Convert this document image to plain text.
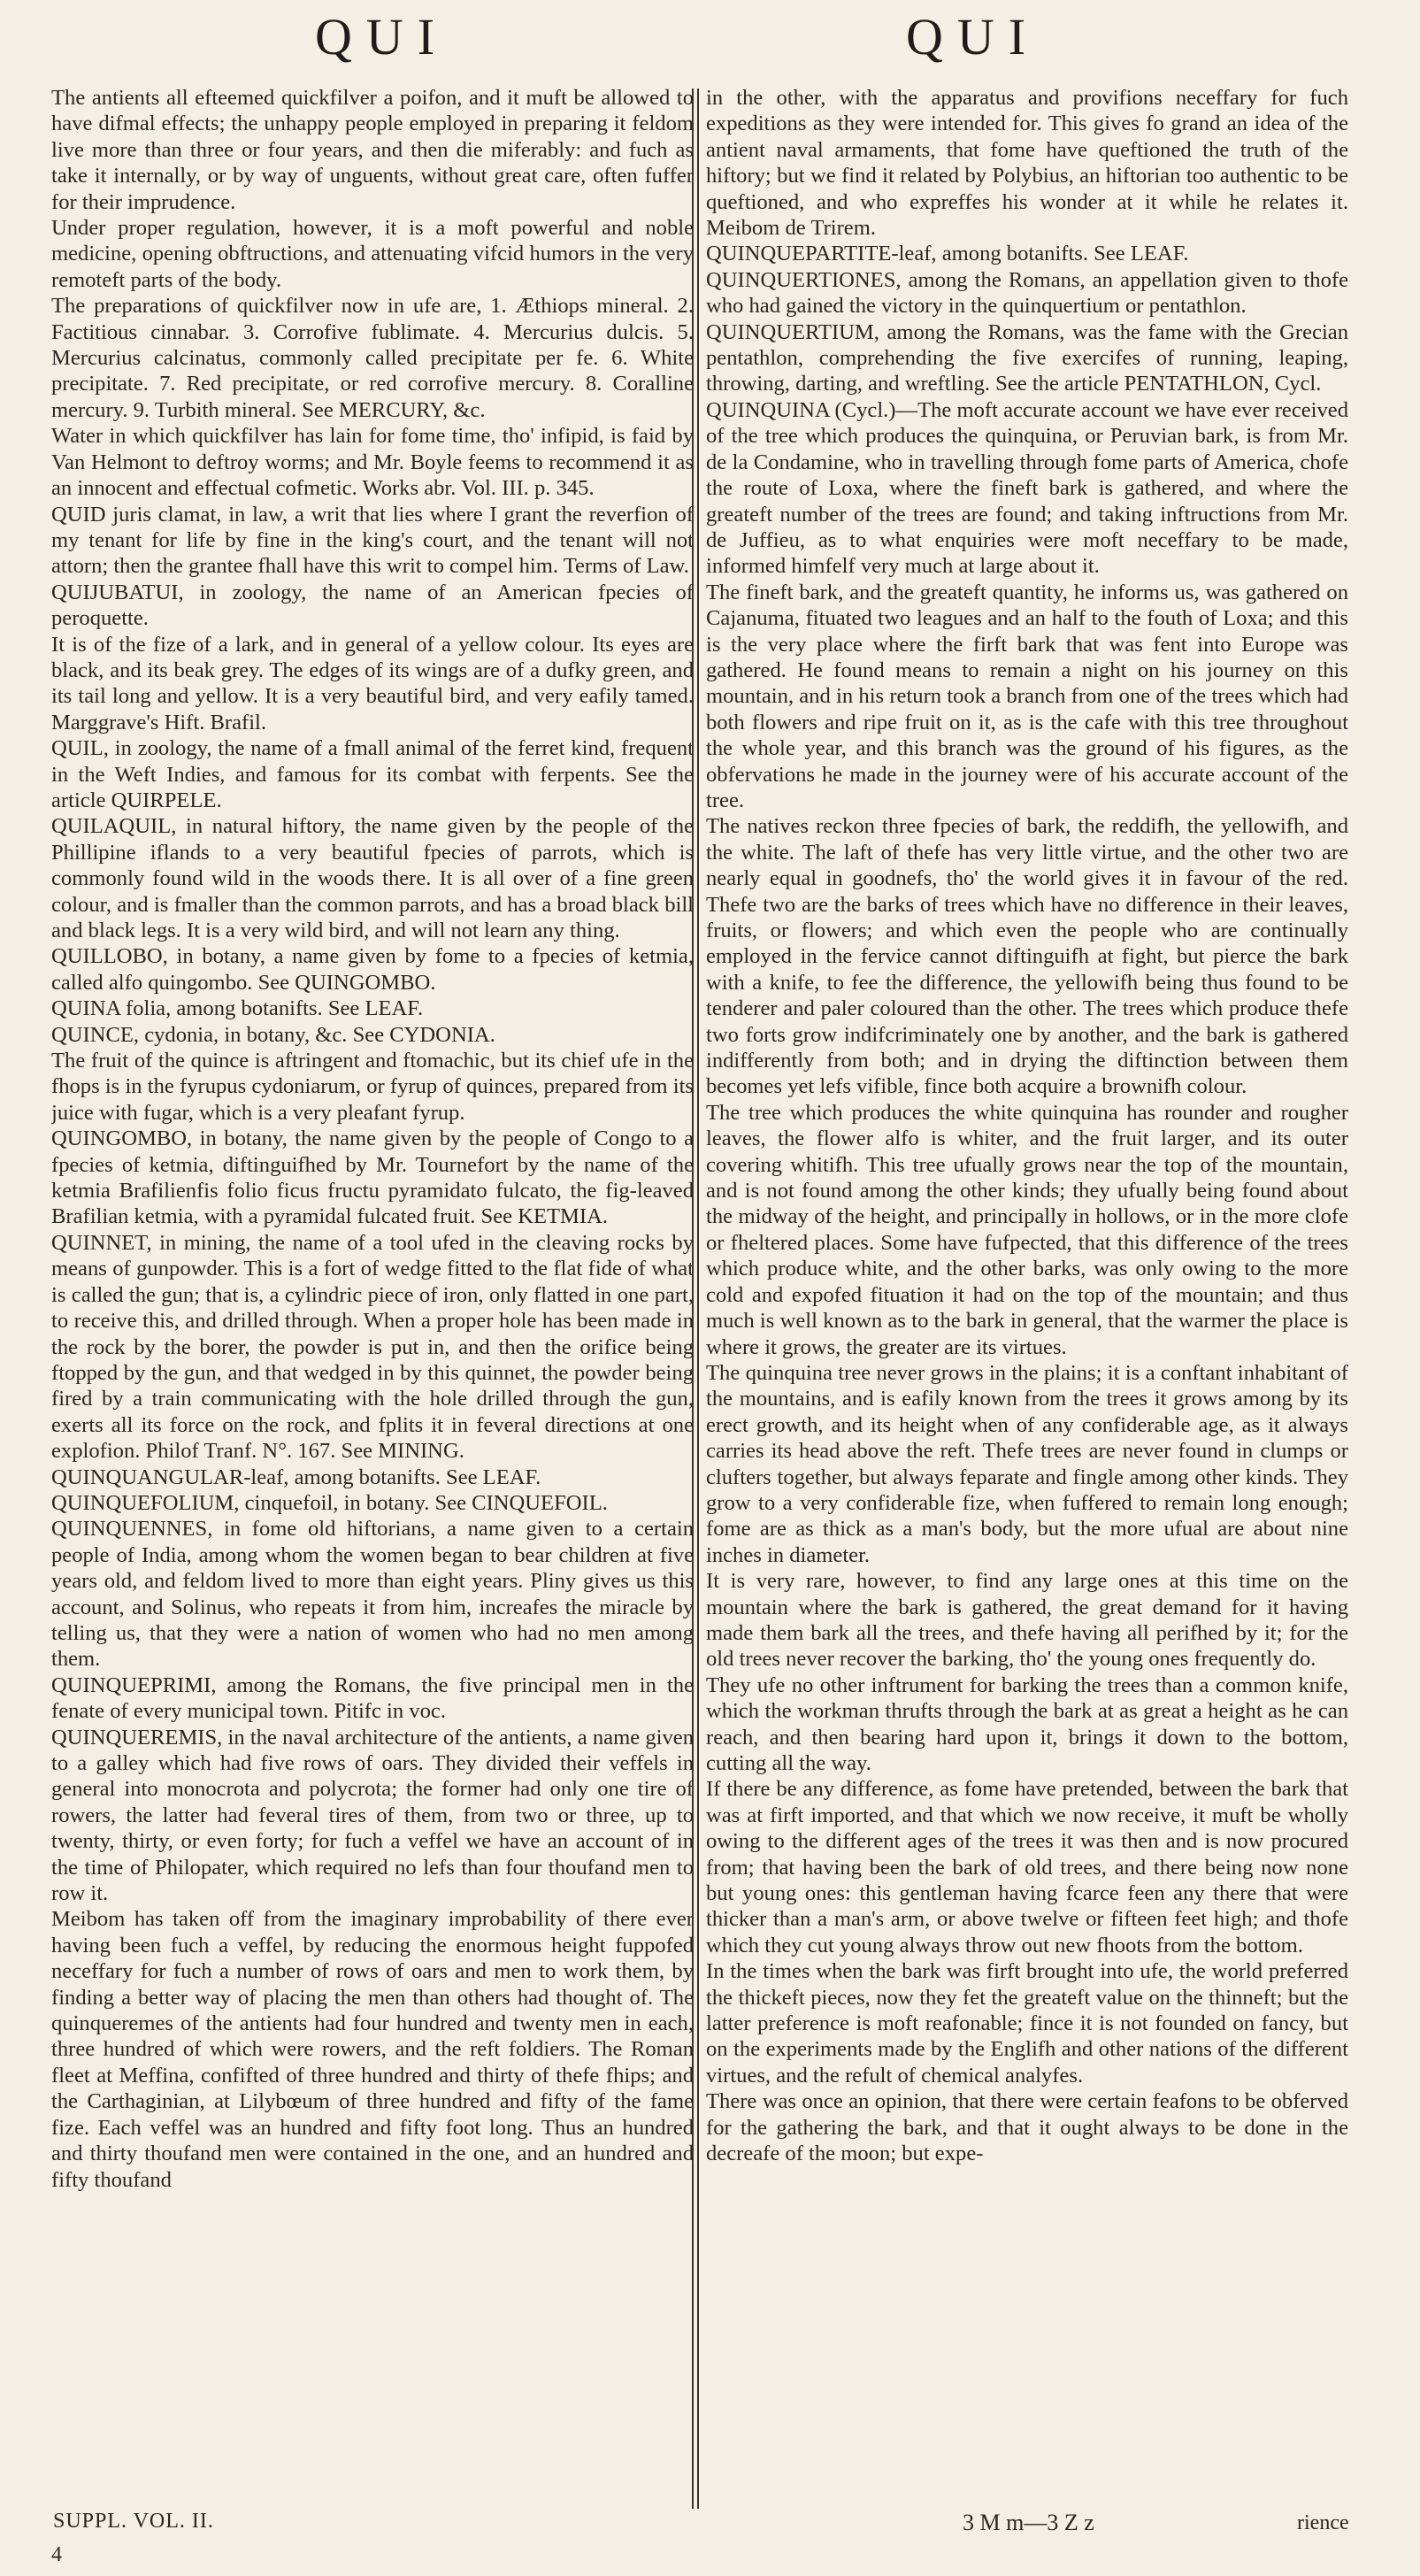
QUI	QUI

The antients all efteemed quickfilver a poifon, and it muft be allowed to have difmal effects; the unhappy people employed in preparing it feldom live more than three or four years, and then die miferably: and fuch as take it internally, or by way of unguents, without great care, often fuffer for their imprudence.

Under proper regulation, however, it is a moft powerful and noble medicine, opening obftructions, and attenuating vifcid humors in the very remoteft parts of the body.

The preparations of quickfilver now in ufe are, 1. Æthiops mineral. 2. Factitious cinnabar. 3. Corrofive fublimate. 4. Mercurius dulcis. 5. Mercurius calcinatus, commonly called precipitate per fe. 6. White precipitate. 7. Red precipitate, or red corrofive mercury. 8. Coralline mercury. 9. Turbith mineral. See MERCURY, &c.

Water in which quickfilver has lain for fome time, tho' infipid, is faid by Van Helmont to deftroy worms; and Mr. Boyle feems to recommend it as an innocent and effectual cofmetic. Works abr. Vol. III. p. 345.

QUID juris clamat, in law, a writ that lies where I grant the reverfion of my tenant for life by fine in the king's court, and the tenant will not attorn; then the grantee fhall have this writ to compel him. Terms of Law.

QUIJUBATUI, in zoology, the name of an American fpecies of peroquette.

It is of the fize of a lark, and in general of a yellow colour. Its eyes are black, and its beak grey. The edges of its wings are of a dufky green, and its tail long and yellow. It is a very beautiful bird, and very eafily tamed. Marggrave's Hift. Brafil.

QUIL, in zoology, the name of a fmall animal of the ferret kind, frequent in the Weft Indies, and famous for its combat with ferpents. See the article QUIRPELE.

QUILAQUIL, in natural hiftory, the name given by the people of the Phillipine iflands to a very beautiful fpecies of parrots, which is commonly found wild in the woods there. It is all over of a fine green colour, and is fmaller than the common parrots, and has a broad black bill and black legs. It is a very wild bird, and will not learn any thing.

QUILLOBO, in botany, a name given by fome to a fpecies of ketmia, called alfo quingombo. See QUINGOMBO.

QUINA folia, among botanifts. See LEAF.

QUINCE, cydonia, in botany, &c. See CYDONIA.

The fruit of the quince is aftringent and ftomachic, but its chief ufe in the fhops is in the fyrupus cydoniarum, or fyrup of quinces, prepared from its juice with fugar, which is a very pleafant fyrup.

QUINGOMBO, in botany, the name given by the people of Congo to a fpecies of ketmia, diftinguifhed by Mr. Tournefort by the name of the ketmia Brafilienfis folio ficus fructu pyramidato fulcato, the fig-leaved Brafilian ketmia, with a pyramidal fulcated fruit. See KETMIA.

QUINNET, in mining, the name of a tool ufed in the cleaving rocks by means of gunpowder. This is a fort of wedge fitted to the flat fide of what is called the gun; that is, a cylindric piece of iron, only flatted in one part, to receive this, and drilled through. When a proper hole has been made in the rock by the borer, the powder is put in, and then the orifice being ftopped by the gun, and that wedged in by this quinnet, the powder being fired by a train communicating with the hole drilled through the gun, exerts all its force on the rock, and fplits it in feveral directions at one explofion. Philof Tranf. N°. 167. See MINING.

QUINQUANGULAR-leaf, among botanifts. See LEAF.

QUINQUEFOLIUM, cinquefoil, in botany. See CINQUEFOIL.

QUINQUENNES, in fome old hiftorians, a name given to a certain people of India, among whom the women began to bear children at five years old, and feldom lived to more than eight years. Pliny gives us this account, and Solinus, who repeats it from him, increafes the miracle by telling us, that they were a nation of women who had no men among them.

QUINQUEPRIMI, among the Romans, the five principal men in the fenate of every municipal town. Pitifc in voc.

QUINQUEREMIS, in the naval architecture of the antients, a name given to a galley which had five rows of oars. They divided their veffels in general into monocrota and polycrota; the former had only one tire of rowers, the latter had feveral tires of them, from two or three, up to twenty, thirty, or even forty; for fuch a veffel we have an account of in the time of Philopater, which required no lefs than four thoufand men to row it.

Meibom has taken off from the imaginary improbability of there ever having been fuch a veffel, by reducing the enormous height fuppofed neceffary for fuch a number of rows of oars and men to work them, by finding a better way of placing the men than others had thought of. The quinqueremes of the antients had four hundred and twenty men in each, three hundred of which were rowers, and the reft foldiers. The Roman fleet at Meffina, confifted of three hundred and thirty of thefe fhips; and the Carthaginian, at Lilybœum of three hundred and fifty of the fame fize. Each veffel was an hundred and fifty foot long. Thus an hundred and thirty thoufand men were contained in the one, and an hundred and fifty thoufand

in the other, with the apparatus and provifions neceffary for fuch expeditions as they were intended for. This gives fo grand an idea of the antient naval armaments, that fome have queftioned the truth of the hiftory; but we find it related by Polybius, an hiftorian too authentic to be queftioned, and who expreffes his wonder at it while he relates it. Meibom de Trirem.

QUINQUEPARTITE-leaf, among botanifts. See LEAF.

QUINQUERTIONES, among the Romans, an appellation given to thofe who had gained the victory in the quinquertium or pentathlon.

QUINQUERTIUM, among the Romans, was the fame with the Grecian pentathlon, comprehending the five exercifes of running, leaping, throwing, darting, and wreftling. See the article PENTATHLON, Cycl.

QUINQUINA (Cycl.)—The moft accurate account we have ever received of the tree which produces the quinquina, or Peruvian bark, is from Mr. de la Condamine, who in travelling through fome parts of America, chofe the route of Loxa, where the fineft bark is gathered, and where the greateft number of the trees are found; and taking inftructions from Mr. de Juffieu, as to what enquiries were moft neceffary to be made, informed himfelf very much at large about it.

The fineft bark, and the greateft quantity, he informs us, was gathered on Cajanuma, fituated two leagues and an half to the fouth of Loxa; and this is the very place where the firft bark that was fent into Europe was gathered. He found means to remain a night on his journey on this mountain, and in his return took a branch from one of the trees which had both flowers and ripe fruit on it, as is the cafe with this tree throughout the whole year, and this branch was the ground of his figures, as the obfervations he made in the journey were of his accurate account of the tree.

The natives reckon three fpecies of bark, the reddifh, the yellowifh, and the white. The laft of thefe has very little virtue, and the other two are nearly equal in goodnefs, tho' the world gives it in favour of the red. Thefe two are the barks of trees which have no difference in their leaves, fruits, or flowers; and which even the people who are continually employed in the fervice cannot diftinguifh at fight, but pierce the bark with a knife, to fee the difference, the yellowifh being thus found to be tenderer and paler coloured than the other. The trees which produce thefe two forts grow indifcriminately one by another, and the bark is gathered indifferently from both; and in drying the diftinction between them becomes yet lefs vifible, fince both acquire a brownifh colour.

The tree which produces the white quinquina has rounder and rougher leaves, the flower alfo is whiter, and the fruit larger, and its outer covering whitifh. This tree ufually grows near the top of the mountain, and is not found among the other kinds; they ufually being found about the midway of the height, and principally in hollows, or in the more clofe or fheltered places. Some have fufpected, that this difference of the trees which produce white, and the other barks, was only owing to the more cold and expofed fituation it had on the top of the mountain; and thus much is well known as to the bark in general, that the warmer the place is where it grows, the greater are its virtues.

The quinquina tree never grows in the plains; it is a conftant inhabitant of the mountains, and is eafily known from the trees it grows among by its erect growth, and its height when of any confiderable age, as it always carries its head above the reft. Thefe trees are never found in clumps or clufters together, but always feparate and fingle among other kinds. They grow to a very confiderable fize, when fuffered to remain long enough; fome are as thick as a man's body, but the more ufual are about nine inches in diameter.

It is very rare, however, to find any large ones at this time on the mountain where the bark is gathered, the great demand for it having made them bark all the trees, and thefe having all perifhed by it; for the old trees never recover the barking, tho' the young ones frequently do.

They ufe no other inftrument for barking the trees than a common knife, which the workman thrufts through the bark at as great a height as he can reach, and then bearing hard upon it, brings it down to the bottom, cutting all the way.

If there be any difference, as fome have pretended, between the bark that was at firft imported, and that which we now receive, it muft be wholly owing to the different ages of the trees it was then and is now procured from; that having been the bark of old trees, and there being now none but young ones: this gentleman having fcarce feen any there that were thicker than a man's arm, or above twelve or fifteen feet high; and thofe which they cut young always throw out new fhoots from the bottom.

In the times when the bark was firft brought into ufe, the world preferred the thickeft pieces, now they fet the greateft value on the thinneft; but the latter preference is moft reafonable; fince it is not founded on fancy, but on the experiments made by the Englifh and other nations of the different virtues, and the refult of chemical analyfes.

There was once an opinion, that there were certain feafons to be obferved for the gathering the bark, and that it ought always to be done in the decreafe of the moon; but expe-

SUPPL. VOL. II.	3 M m—3 Z z	rience
4
